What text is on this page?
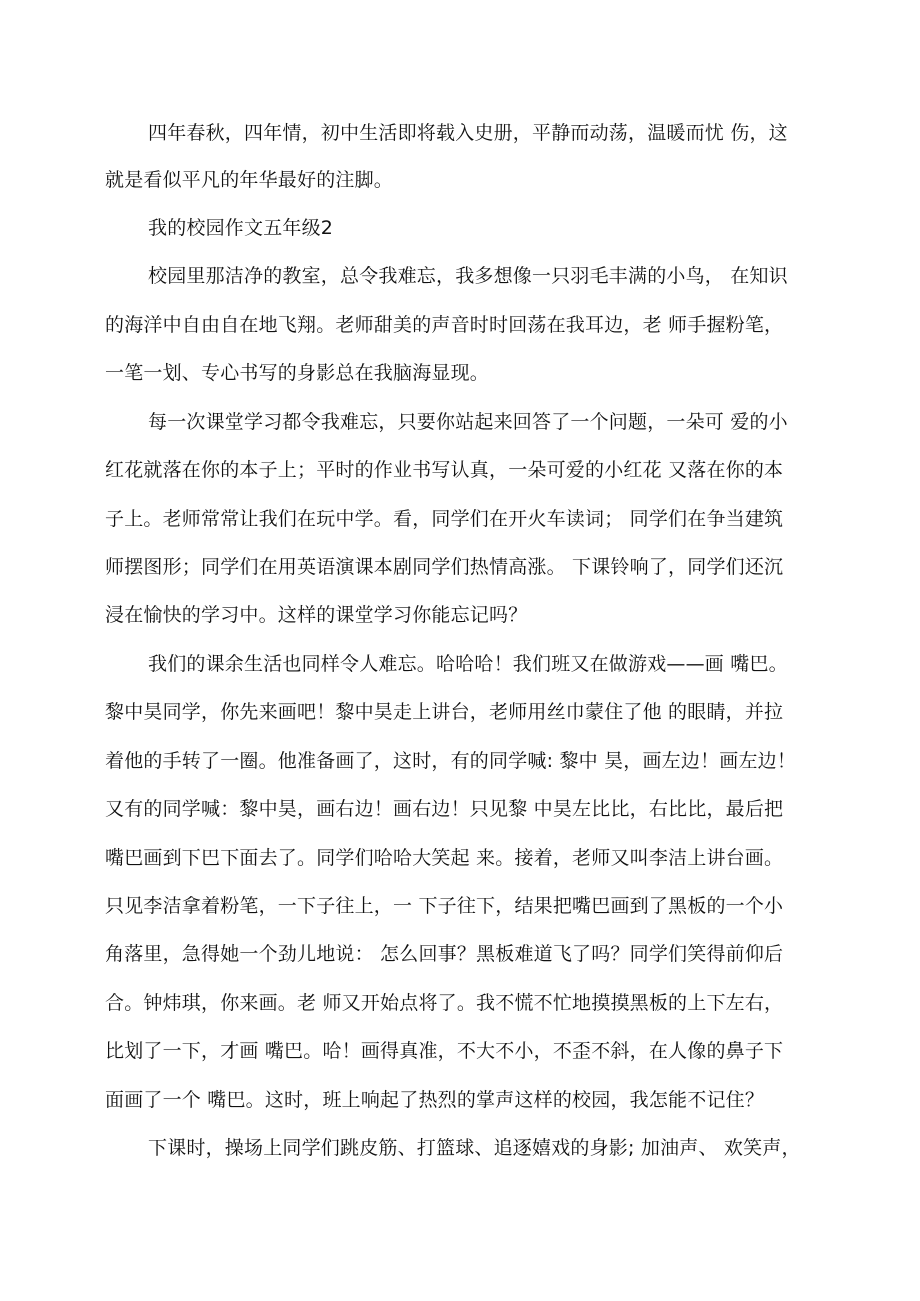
四年春秋，四年情，初中生活即将载入史册，平静而动荡，温暖而忧 伤，这
就是看似平凡的年华最好的注脚。
我的校园作文五年级2
校园里那洁净的教室，总令我难忘，我多想像一只羽毛丰满的小鸟， 在知识
的海洋中自由自在地飞翔。老师甜美的声音时时回荡在我耳边，老 师手握粉笔，
一笔一划、专心书写的身影总在我脑海显现。
每一次课堂学习都令我难忘，只要你站起来回答了一个问题，一朵可 爱的小
红花就落在你的本子上；平时的作业书写认真，一朵可爱的小红花 又落在你的本
子上。老师常常让我们在玩中学。看，同学们在开火车读词； 同学们在争当建筑
师摆图形；同学们在用英语演课本剧同学们热情高涨。 下课铃响了，同学们还沉
浸在愉快的学习中。这样的课堂学习你能忘记吗？
我们的课余生活也同样令人难忘。哈哈哈！我们班又在做游戏——画 嘴巴。
黎中昊同学，你先来画吧！黎中昊走上讲台，老师用丝巾蒙住了他 的眼睛，并拉
着他的手转了一圈。他准备画了，这时，有的同学喊: 黎中 昊，画左边！画左边！
又有的同学喊：黎中昊，画右边！画右边！只见黎 中昊左比比，右比比，最后把
嘴巴画到下巴下面去了。同学们哈哈大笑起 来。接着，老师又叫李洁上讲台画。
只见李洁拿着粉笔，一下子往上，一 下子往下，结果把嘴巴画到了黑板的一个小
角落里，急得她一个劲儿地说： 怎么回事？黑板难道飞了吗？同学们笑得前仰后
合。钟炜琪，你来画。老 师又开始点将了。我不慌不忙地摸摸黑板的上下左右，
比划了一下，才画 嘴巴。哈！画得真准，不大不小，不歪不斜，在人像的鼻子下
面画了一个 嘴巴。这时，班上响起了热烈的掌声这样的校园，我怎能不记住？
下课时，操场上同学们跳皮筋、打篮球、追逐嬉戏的身影; 加油声、 欢笑声，
